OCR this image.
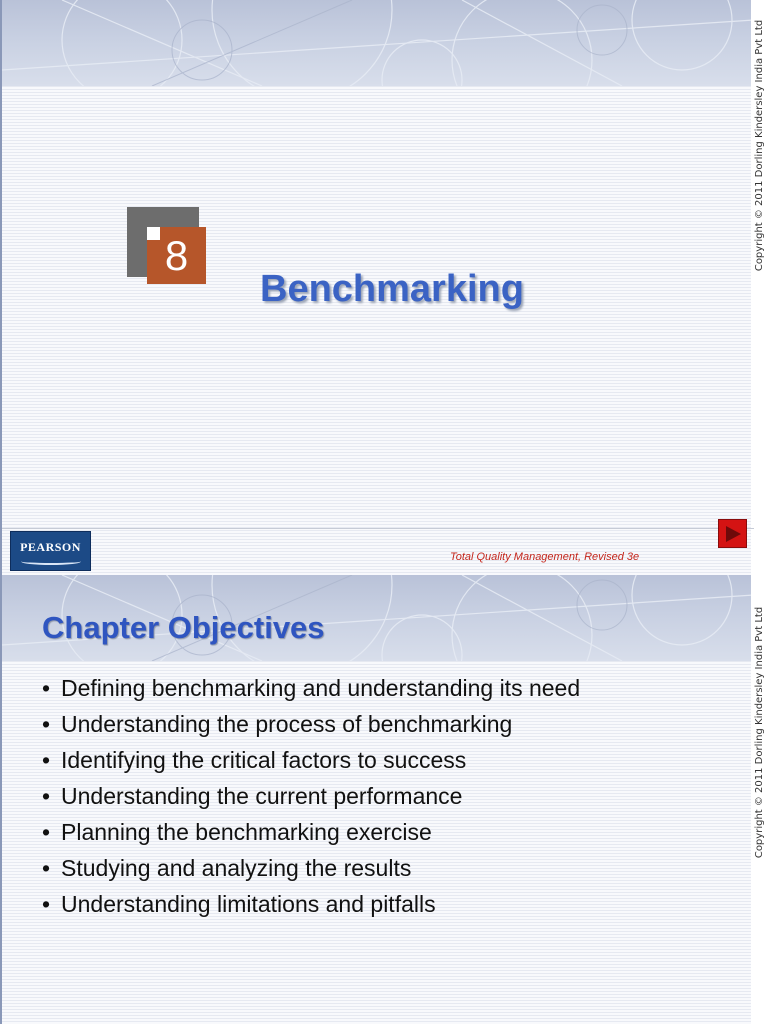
Copyright © 2011 Dorling Kindersley India Pvt Ltd
8
Benchmarking
PEARSON
Total Quality Management, Revised 3e
Copyright © 2011 Dorling Kindersley India Pvt Ltd
Chapter Objectives
• Defining benchmarking and understanding its need
• Understanding the process of benchmarking
• Identifying the critical factors to success
• Understanding the current performance
• Planning the benchmarking exercise
• Studying and analyzing the results
• Understanding limitations and pitfalls
